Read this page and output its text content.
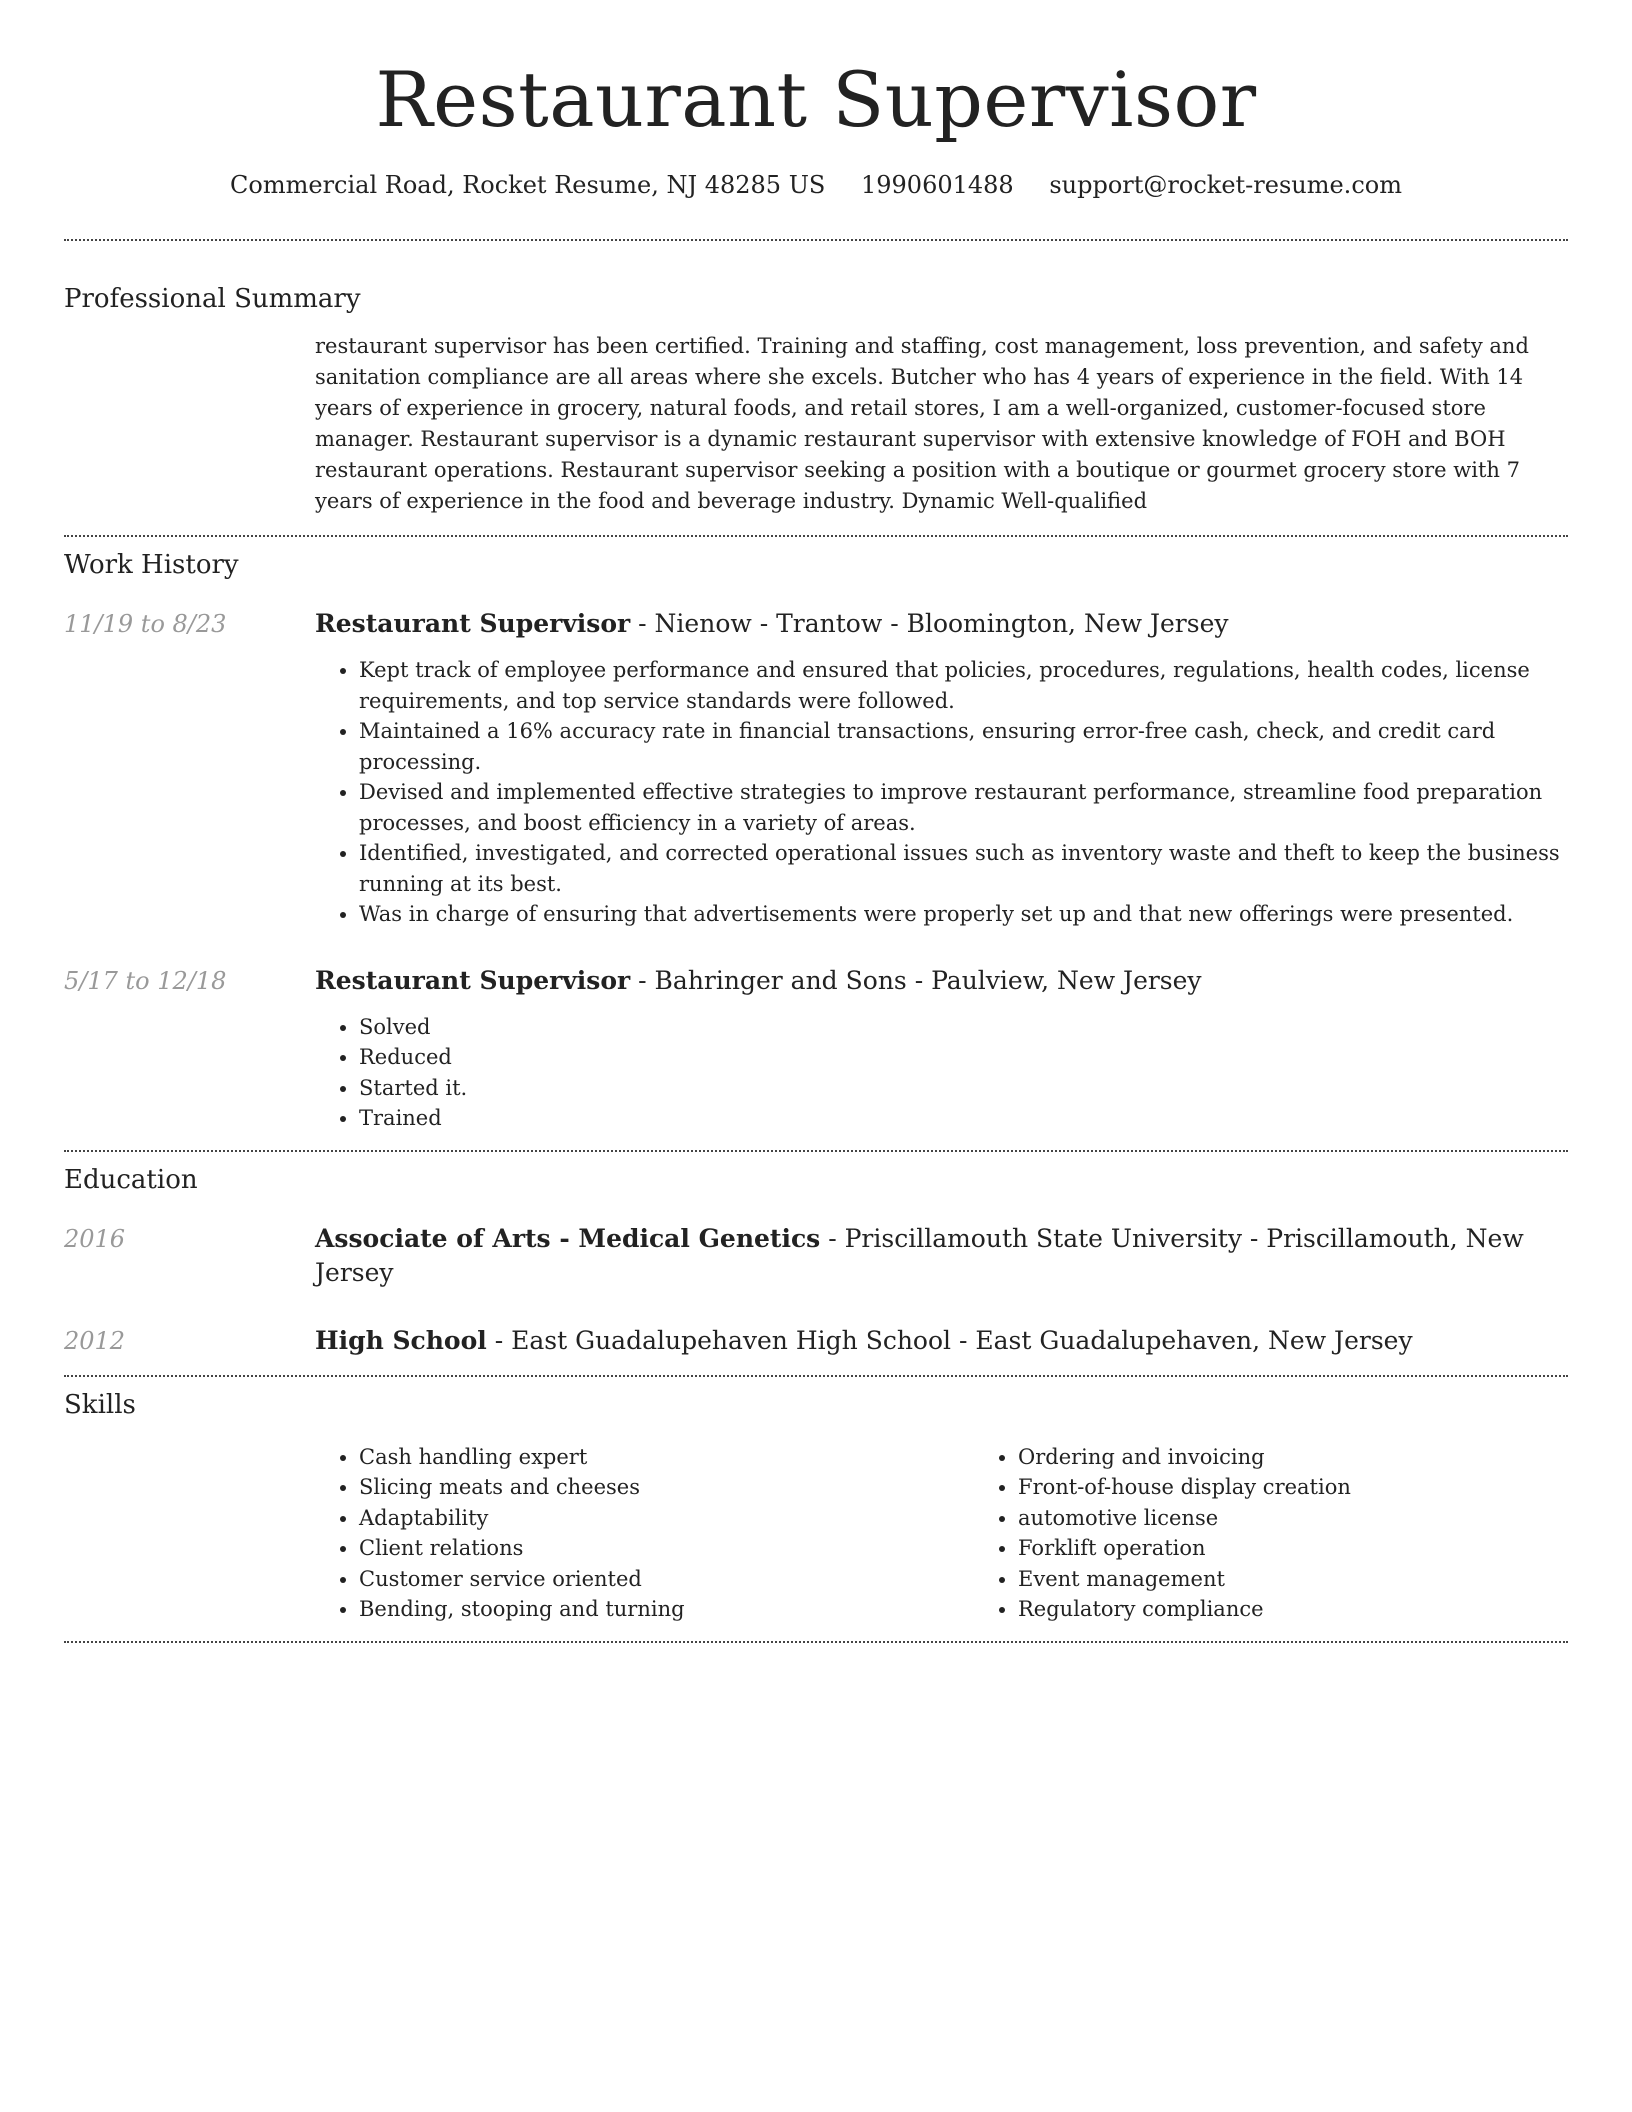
Restaurant Supervisor
Commercial Road, Rocket Resume, NJ 48285 US 1990601488 support@rocket-resume.com
Professional Summary

restaurant supervisor has been certified. Training and staffing, cost management, loss prevention, and safety and sanitation compliance are all areas where she excels. Butcher who has 4 years of experience in the field. With 14 years of experience in grocery, natural foods, and retail stores, I am a well-organized, customer-focused store manager. Restaurant supervisor is a dynamic restaurant supervisor with extensive knowledge of FOH and BOH restaurant operations. Restaurant supervisor seeking a position with a boutique or gourmet grocery store with 7 years of experience in the food and beverage industry. Dynamic Well-qualified

Work History
11/19 to 8/23	Restaurant Supervisor - Nienow - Trantow - Bloomington, New Jersey
• Kept track of employee performance and ensured that policies, procedures, regulations, health codes, license requirements, and top service standards were followed.
• Maintained a 16% accuracy rate in financial transactions, ensuring error-free cash, check, and credit card processing.
• Devised and implemented effective strategies to improve restaurant performance, streamline food preparation processes, and boost efficiency in a variety of areas.
• Identified, investigated, and corrected operational issues such as inventory waste and theft to keep the business running at its best.
• Was in charge of ensuring that advertisements were properly set up and that new offerings were presented.
5/17 to 12/18	Restaurant Supervisor - Bahringer and Sons - Paulview, New Jersey
• Solved
• Reduced
• Started it.
• Trained
Education
2016	Associate of Arts - Medical Genetics - Priscillamouth State University - Priscillamouth, New Jersey
2012	High School - East Guadalupehaven High School - East Guadalupehaven, New Jersey
Skills
• Cash handling expert
• Slicing meats and cheeses
• Adaptability
• Client relations
• Customer service oriented
• Bending, stooping and turning
• Ordering and invoicing
• Front-of-house display creation
• automotive license
• Forklift operation
• Event management
• Regulatory compliance
